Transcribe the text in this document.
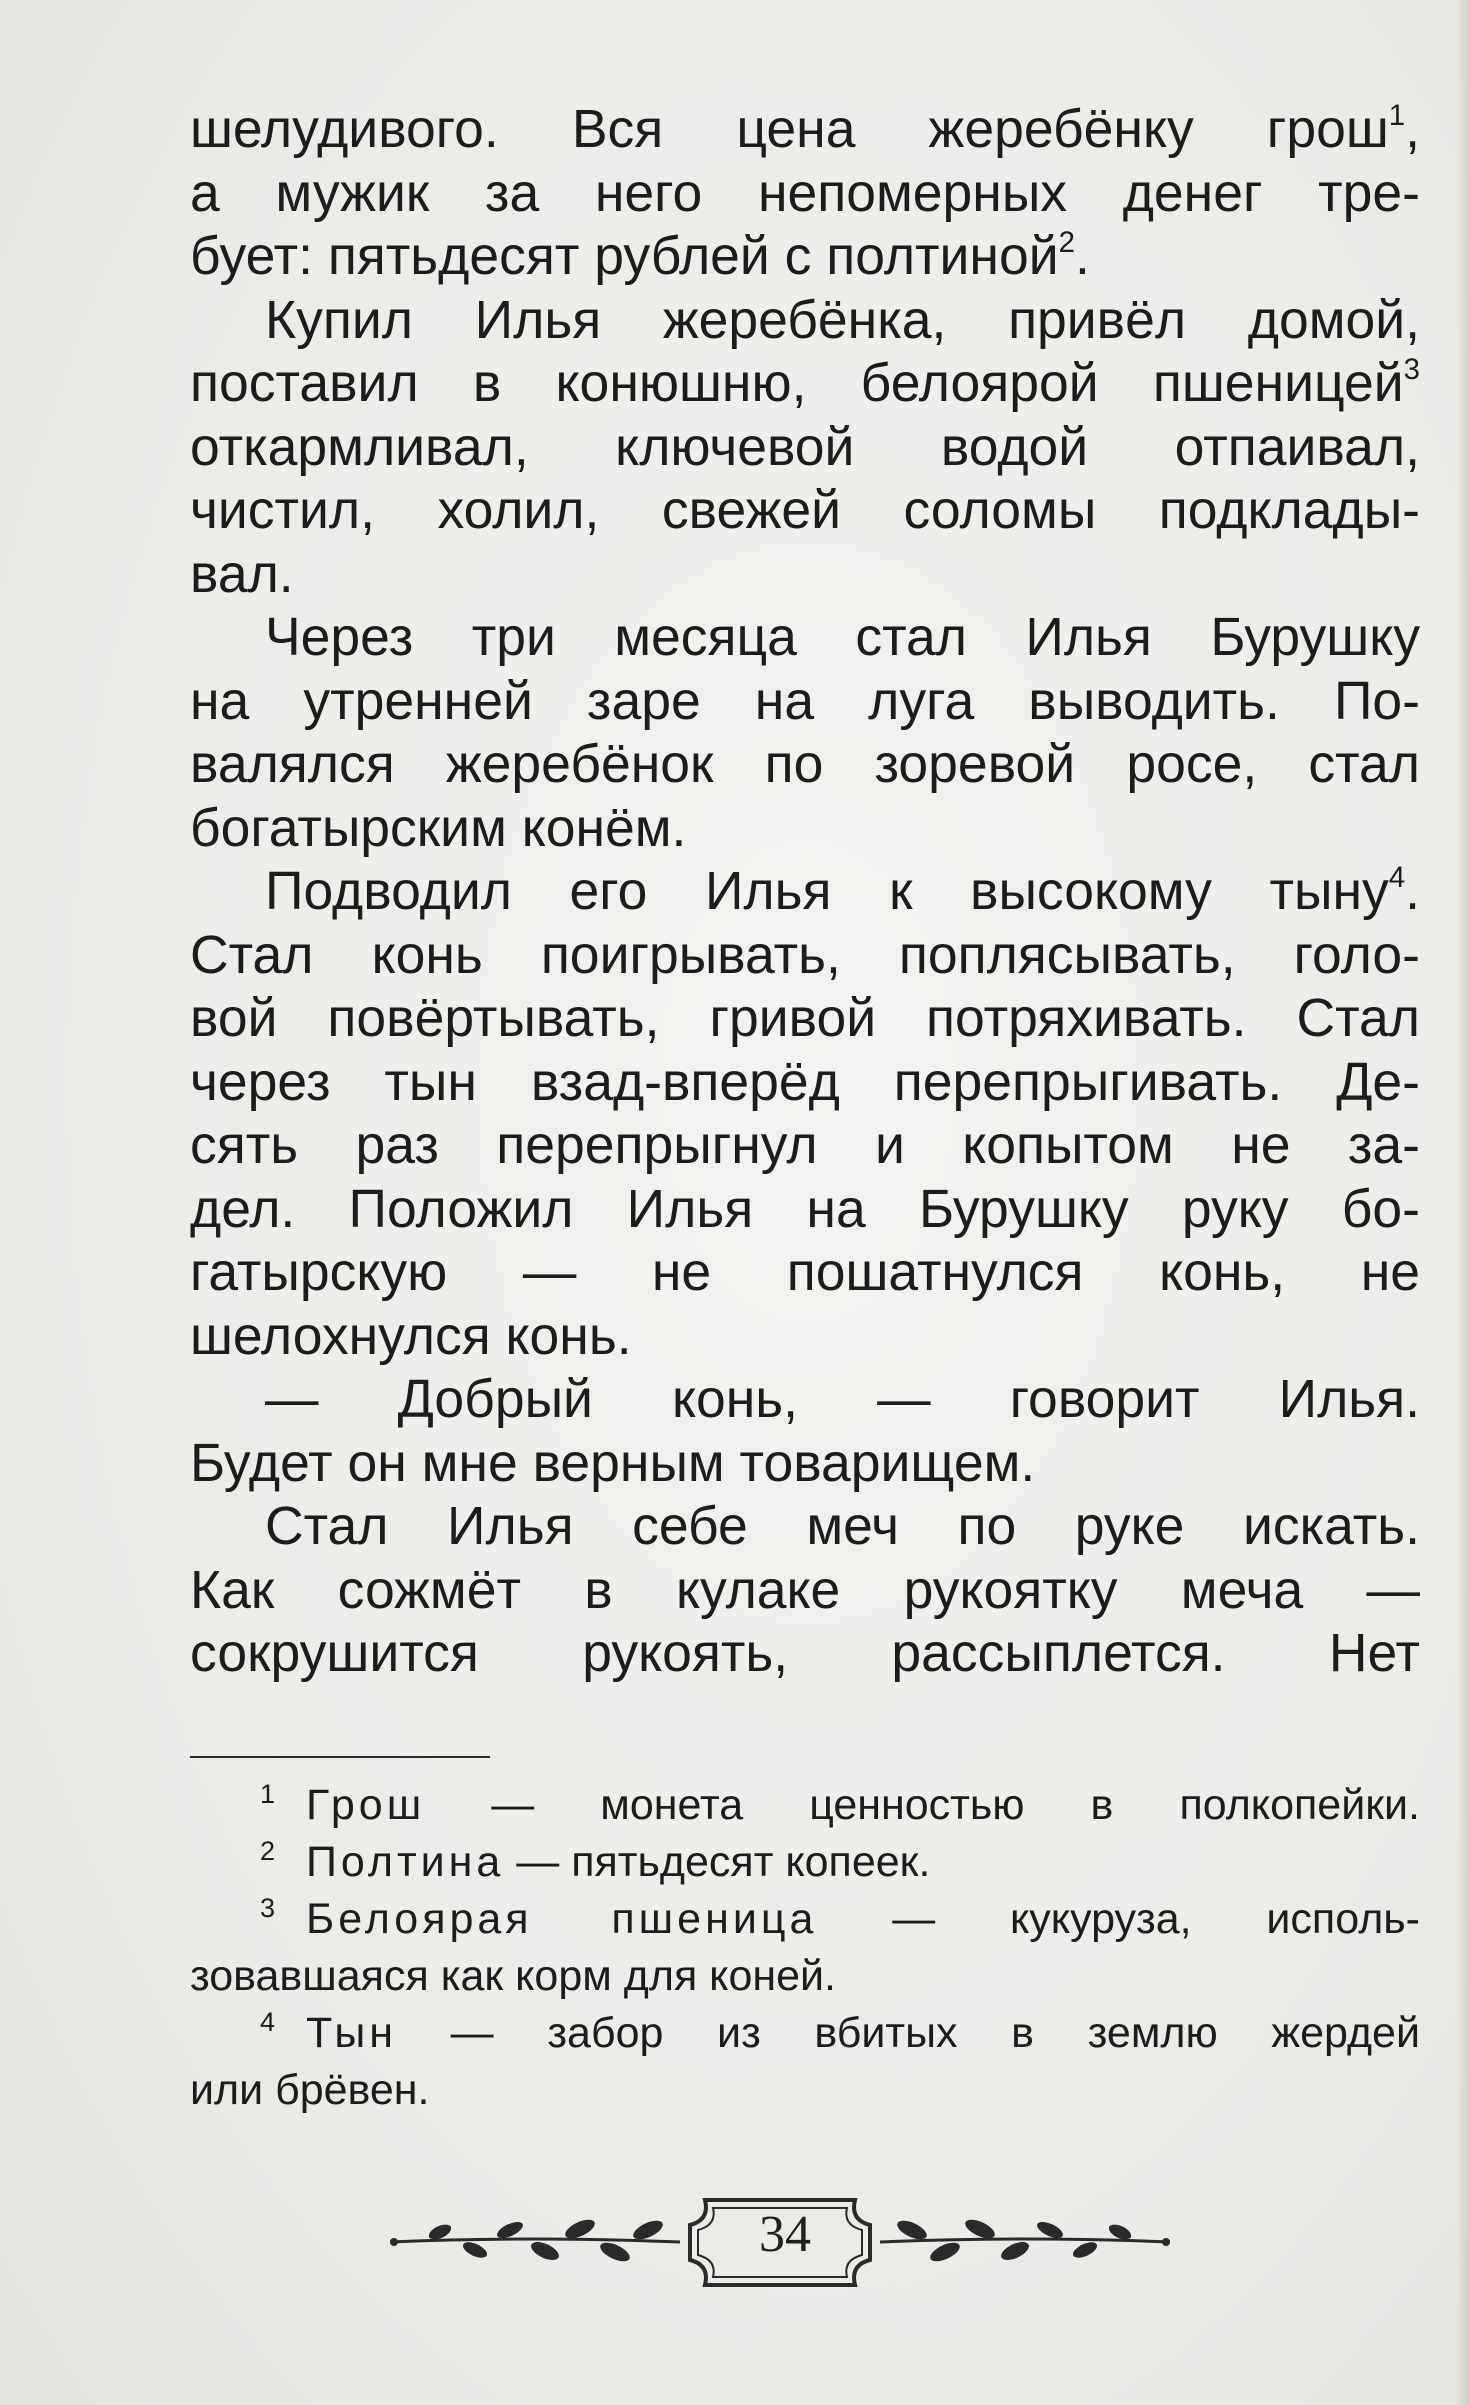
шелудивого. Вся цена жеребёнку грош$^1$,
а мужик за него непомерных денег тре-
бует: пятьдесят рублей с полтиной$^2$.
Купил Илья жеребёнка, привёл домой,
поставил в конюшню, белоярой пшеницей$^3$
откармливал, ключевой водой отпаивал,
чистил, холил, свежей соломы подклады-
вал.
Через три месяца стал Илья Бурушку
на утренней заре на луга выводить. По-
валялся жеребёнок по зоревой росе, стал
богатырским конём.
Подводил его Илья к высокому тыну$^4$.
Стал конь поигрывать, поплясывать, голо-
вой повёртывать, гривой потряхивать. Стал
через тын взад-вперёд перепрыгивать. Де-
сять раз перепрыгнул и копытом не за-
дел. Положил Илья на Бурушку руку бо-
гатырскую — не пошатнулся конь, не
шелохнулся конь.
— Добрый конь, — говорит Илья.
Будет он мне верным товарищем.
Стал Илья себе меч по руке искать.
Как сожмёт в кулаке рукоятку меча —
сокрушится рукоять, рассыплется. Нет
1 Грош — монета ценностью в полкопейки.
2 Полтина — пятьдесят копеек.
3 Белоярая пшеница — кукуруза, исполь-
зовавшаяся как корм для коней.
4 Тын — забор из вбитых в землю жердей
или брёвен.
34
